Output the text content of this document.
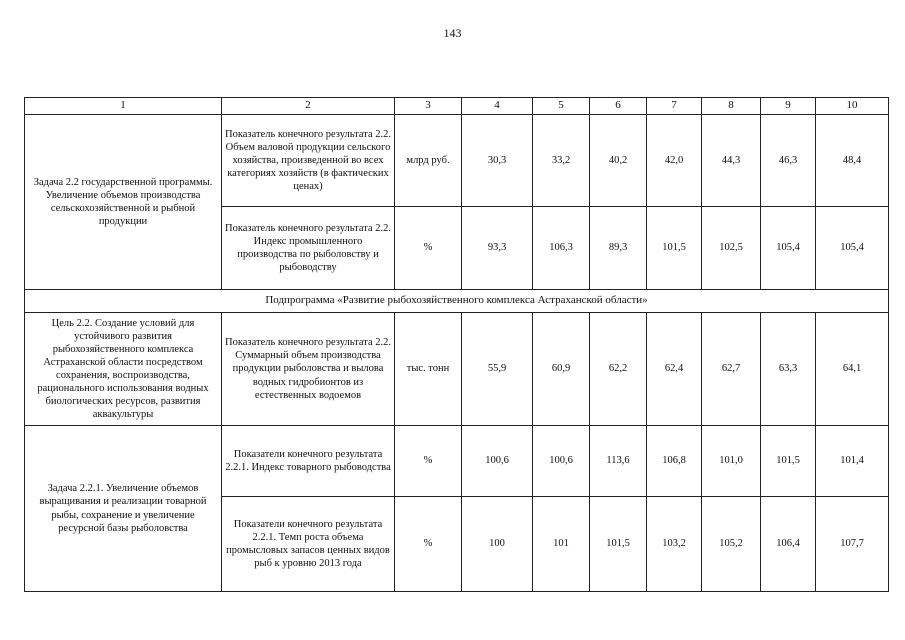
143
1	2	3	4	5	6	7	8	9	10
Задача 2.2 государственной программы. Увеличение объемов производства сельскохозяйственной и рыбной продукции	Показатель конечного результата 2.2. Объем валовой продукции сельского хозяйства, произведенной во всех категориях хозяйств (в фактических ценах)	млрд руб.	30,3	33,2	40,2	42,0	44,3	46,3	48,4
	Показатель конечного результата 2.2. Индекс промышленного производства по рыболовству и рыбоводству	%	93,3	106,3	89,3	101,5	102,5	105,4	105,4
Подпрограмма «Развитие рыбохозяйственного комплекса Астраханской области»									
Цель 2.2. Создание условий для устойчивого развития рыбохозяйственного комплекса Астраханской области посредством сохранения, воспроизводства, рационального использования водных биологических ресурсов, развития аквакультуры	Показатель конечного результата 2.2. Суммарный объем производства продукции рыболовства и вылова водных гидробионтов из естественных водоемов	тыс. тонн	55,9	60,9	62,2	62,4	62,7	63,3	64,1
Задача 2.2.1. Увеличение объемов выращивания и реализации товарной рыбы, сохранение и увеличение ресурсной базы рыболовства	Показатели конечного результата 2.2.1. Индекс товарного рыбоводства	%	100,6	100,6	113,6	106,8	101,0	101,5	101,4
	Показатели конечного результата 2.2.1. Темп роста объема промысловых запасов ценных видов рыб к уровню 2013 года	%	100	101	101,5	103,2	105,2	106,4	107,7
